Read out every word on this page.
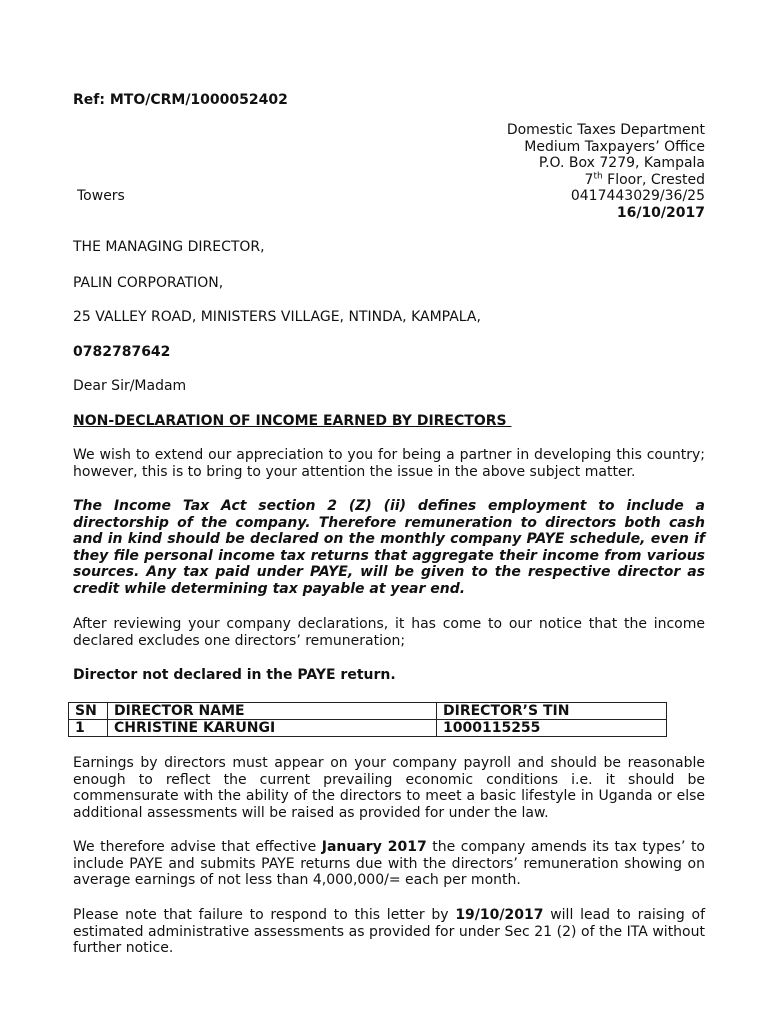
Ref: MTO/CRM/1000052402
Domestic Taxes Department
Medium Taxpayers’ Office
P.O. Box 7279, Kampala
7th Floor, Crested
0417443029/36/25
16/10/2017
Towers
THE MANAGING DIRECTOR,
PALIN CORPORATION,
25 VALLEY ROAD, MINISTERS VILLAGE, NTINDA, KAMPALA,
0782787642
Dear Sir/Madam
NON-DECLARATION OF INCOME EARNED BY DIRECTORS
We wish to extend our appreciation to you for being a partner in developing this country; however, this is to bring to your attention the issue in the above subject matter.
The Income Tax Act section 2 (Z) (ii) defines employment to include a directorship of the company. Therefore remuneration to directors both cash and in kind should be declared on the monthly company PAYE schedule, even if they file personal income tax returns that aggregate their income from various sources. Any tax paid under PAYE, will be given to the respective director as credit while determining tax payable at year end.
After reviewing your company declarations, it has come to our notice that the income declared excludes one directors’ remuneration;
Director not declared in the PAYE return.
SN	DIRECTOR NAME	DIRECTOR’S TIN
1	CHRISTINE KARUNGI	1000115255
Earnings by directors must appear on your company payroll and should be reasonable enough to reflect the current prevailing economic conditions i.e. it should be commensurate with the ability of the directors to meet a basic lifestyle in Uganda or else additional assessments will be raised as provided for under the law.
We therefore advise that effective January 2017 the company amends its tax types’ to include PAYE and submits PAYE returns due with the directors’ remuneration showing on average earnings of not less than 4,000,000/= each per month.
Please note that failure to respond to this letter by 19/10/2017 will lead to raising of estimated administrative assessments as provided for under Sec 21 (2) of the ITA without further notice.
